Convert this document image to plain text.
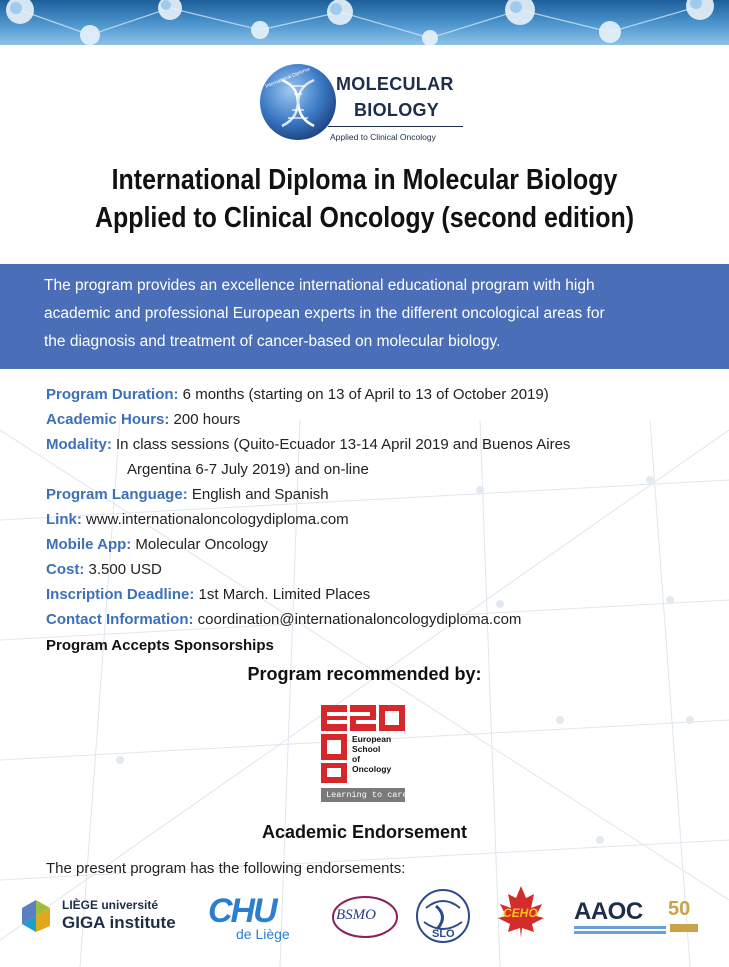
International Diploma MOLECULAR
BIOLOGY
Applied to Clinical Oncology
International Diploma in Molecular Biology
Applied to Clinical Oncology (second edition)
The program provides an excellence international educational program with high
academic and professional European experts in the different oncological areas for
the diagnosis and treatment of cancer-based on molecular biology.
Program Duration: 6 months (starting on 13 of April to 13 of October 2019)
Academic Hours: 200 hours
Modality: In class sessions (Quito-Ecuador 13-14 April 2019 and Buenos Aires
Argentina 6-7 July 2019) and on-line
Program Language: English and Spanish
Link: www.internationaloncologydiploma.com
Mobile App: Molecular Oncology
Cost: 3.500 USD
Inscription Deadline: 1st March. Limited Places
Contact Information: coordination@internationaloncologydiploma.com
Program Accepts Sponsorships
Program recommended by:
European
School
of
Oncology
Learning to care
Academic Endorsement
The present program has the following endorsements:
LIÈGE université
GIGA institute CHU
de Liège
BSMO
SLO
CEHO AAOC 50
